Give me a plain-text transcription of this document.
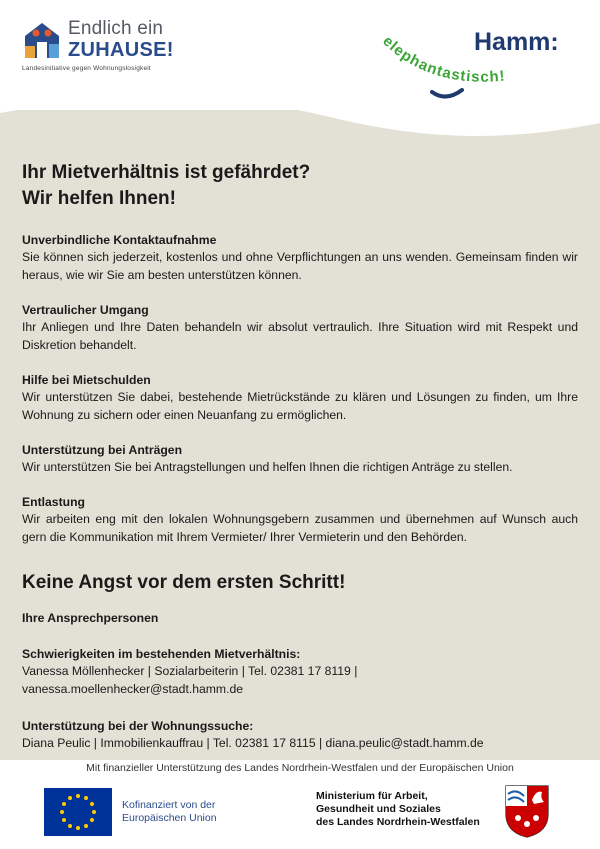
Endlich ein
ZUHAUSE!
Landesinitiative gegen Wohnungslosigkeit
elephantastisch!
Hamm:
Ihr Mietverhältnis ist gefährdet?
Wir helfen Ihnen!
Unverbindliche Kontaktaufnahme
Sie können sich jederzeit, kostenlos und ohne Verpflichtungen an uns wenden. Gemeinsam finden wir heraus, wie wir Sie am besten unterstützen können.
Vertraulicher Umgang
Ihr Anliegen und Ihre Daten behandeln wir absolut vertraulich. Ihre Situation wird mit Respekt und Diskretion behandelt.
Hilfe bei Mietschulden
Wir unterstützen Sie dabei, bestehende Mietrückstände zu klären und Lösungen zu finden, um Ihre Wohnung zu sichern oder einen Neuanfang zu ermöglichen.
Unterstützung bei Anträgen
Wir unterstützen Sie bei Antragstellungen und helfen Ihnen die richtigen Anträge zu stellen.
Entlastung
Wir arbeiten eng mit den lokalen Wohnungsgebern zusammen und übernehmen auf Wunsch auch gern die Kommunikation mit Ihrem Vermieter/ Ihrer Vermieterin und den Behörden.
Keine Angst vor dem ersten Schritt!
Ihre Ansprechpersonen
Schwierigkeiten im bestehenden Mietverhältnis:
Vanessa Möllenhecker | Sozialarbeiterin | Tel. 02381 17 8119 | vanessa.moellenhecker@stadt.hamm.de
Unterstützung bei der Wohnungssuche:
Diana Peulic | Immobilienkauffrau | Tel. 02381 17 8115 | diana.peulic@stadt.hamm.de
Mit finanzieller Unterstützung des Landes Nordrhein-Westfalen und der Europäischen Union
Kofinanziert von der
Europäischen Union
Ministerium für Arbeit,
Gesundheit und Soziales
des Landes Nordrhein-Westfalen
